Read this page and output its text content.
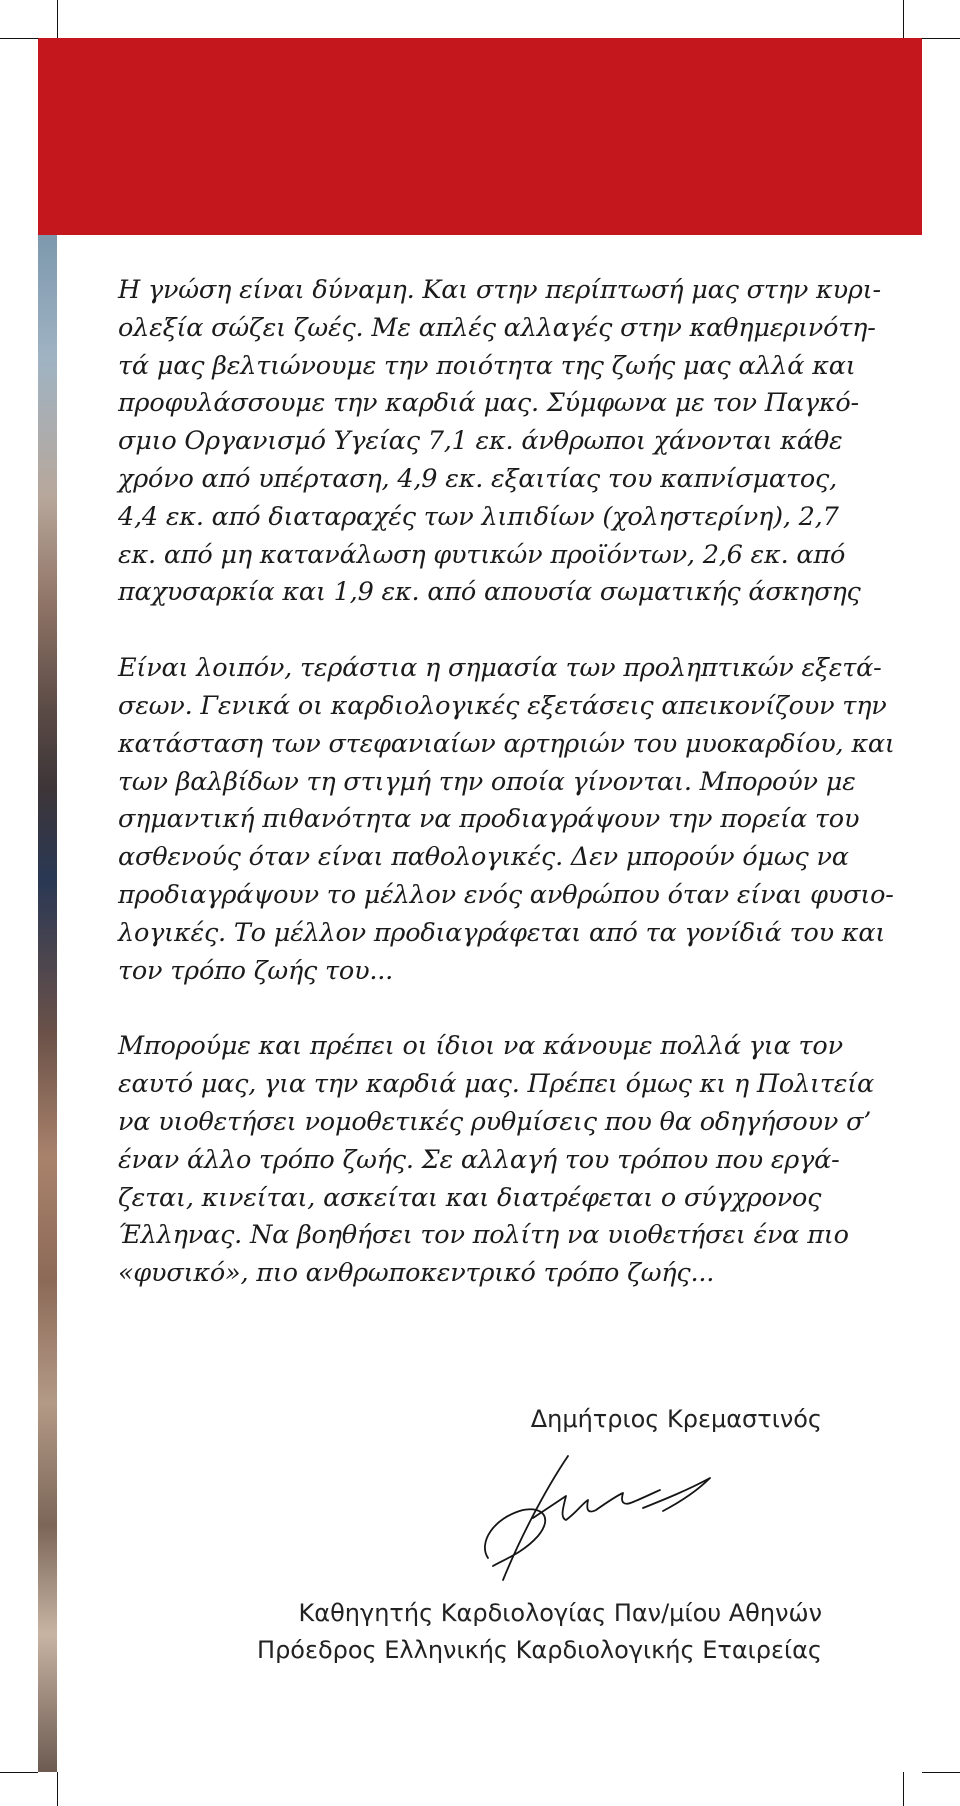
Η γνώση είναι δύναμη. Και στην περίπτωσή μας στην κυρι-
ολεξία σώζει ζωές. Με απλές αλλαγές στην καθημερινότη-
τά μας βελτιώνουμε την ποιότητα της ζωής μας αλλά και
προφυλάσσουμε την καρδιά μας. Σύμφωνα με τον Παγκό-
σμιο Οργανισμό Υγείας 7,1 εκ. άνθρωποι χάνονται κάθε
χρόνο από υπέρταση, 4,9 εκ. εξαιτίας του καπνίσματος,
4,4 εκ. από διαταραχές των λιπιδίων (χοληστερίνη), 2,7
εκ. από μη κατανάλωση φυτικών προϊόντων, 2,6 εκ. από
παχυσαρκία και 1,9 εκ. από απουσία σωματικής άσκησης

Είναι λοιπόν, τεράστια η σημασία των προληπτικών εξετά-
σεων. Γενικά οι καρδιολογικές εξετάσεις απεικονίζουν την
κατάσταση των στεφανιαίων αρτηριών του μυοκαρδίου, και
των βαλβίδων τη στιγμή την οποία γίνονται. Μπορούν με
σημαντική πιθανότητα να προδιαγράψουν την πορεία του
ασθενούς όταν είναι παθολογικές. Δεν μπορούν όμως να
προδιαγράψουν το μέλλον ενός ανθρώπου όταν είναι φυσιο-
λογικές. Το μέλλον προδιαγράφεται από τα γονίδιά του και
τον τρόπο ζωής του...

Μπορούμε και πρέπει οι ίδιοι να κάνουμε πολλά για τον
εαυτό μας, για την καρδιά μας. Πρέπει όμως κι η Πολιτεία
να υιοθετήσει νομοθετικές ρυθμίσεις που θα οδηγήσουν σ’
έναν άλλο τρόπο ζωής. Σε αλλαγή του τρόπου που εργά-
ζεται, κινείται, ασκείται και διατρέφεται ο σύγχρονος
Έλληνας. Να βοηθήσει τον πολίτη να υιοθετήσει ένα πιο
«φυσικό», πιο ανθρωποκεντρικό τρόπο ζωής...

Δημήτριος Κρεμαστινός
Καθηγητής Καρδιολογίας Παν/μίου Αθηνών
Πρόεδρος Ελληνικής Καρδιολογικής Εταιρείας
